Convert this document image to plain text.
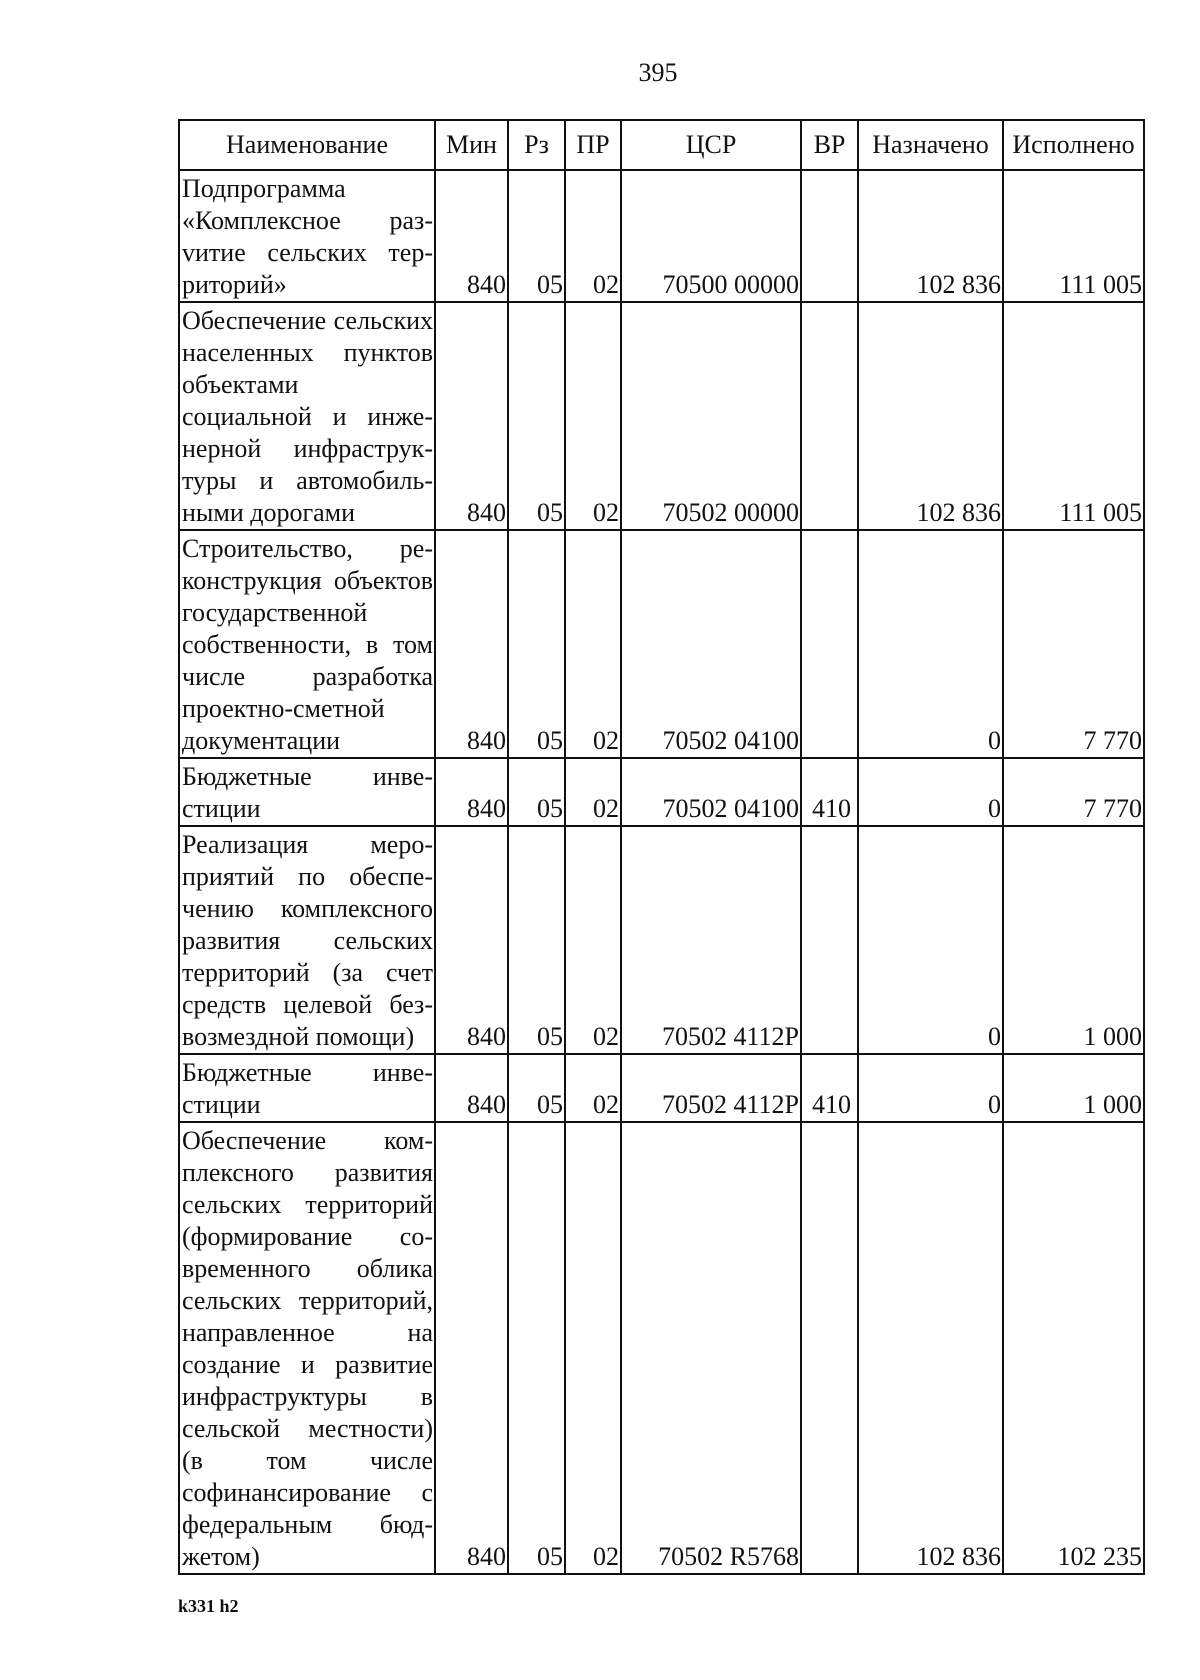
395
Наименование	Мин	Рз	ПР	ЦСР	ВР	Назначено	Исполнено
Подпрограмма «Комплексное разvитие сельских территорий»	840	05	02	70500 00000		102 836	111 005
Обеспечение сельских населенных пунктов объектами социальной и инженерной инфраструктуры и автомобильными дорогами	840	05	02	70502 00000		102 836	111 005
Строительство, реконструкция объектов государственной собственности, в том числе разработка проектно-сметной документации	840	05	02	70502 04100		0	7 770
Бюджетные инвестиции	840	05	02	70502 04100	410	0	7 770
Реализация мероприятий по обеспечению комплексного развития сельских территорий (за счет средств целевой безвозмездной помощи)	840	05	02	70502 4112P		0	1 000
Бюджетные инвестиции	840	05	02	70502 4112P	410	0	1 000
Обеспечение комплексного развития сельских территорий (формирование современного облика сельских территорий, направленное на создание и развитие инфраструктуры в сельской местности) (в том числе софинансирование с федеральным бюджетом)	840	05	02	70502 R5768		102 836	102 235
k331 h2
